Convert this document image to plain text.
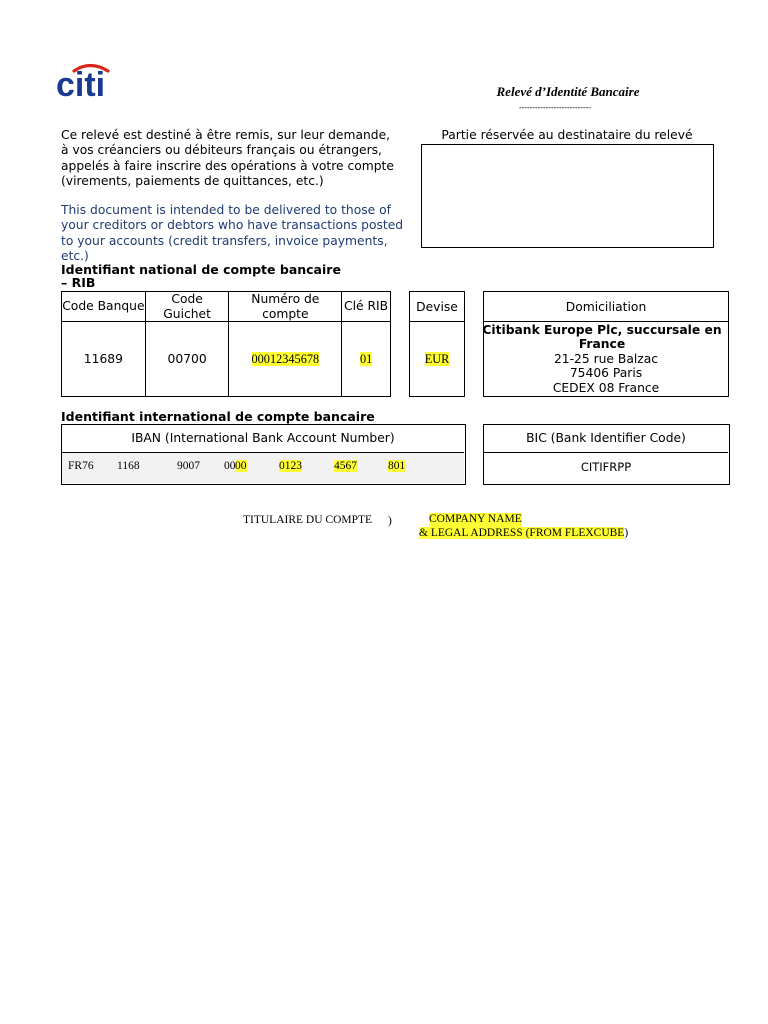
citi	Relevé d’Identité Bancaire
---------------------------
Ce relevé est destiné à être remis, sur leur demande, à vos créanciers ou débiteurs français ou étrangers, appelés à faire inscrire des opérations à votre compte (virements, paiements de quittances, etc.)
This document is intended to be delivered to those of your creditors or debtors who have transactions posted to your accounts (credit transfers, invoice payments, etc.)
Partie réservée au destinataire du relevé
Identifiant national de compte bancaire
– RIB
Code Banque	Code Guichet	Numéro de compte	Clé RIB
11689	00700	00012345678	01
Devise
EUR
Domiciliation

Citibank Europe Plc, succursale en France
21-25 rue Balzac
75406 Paris
CEDEX 08 France
Identifiant international de compte bancaire
IBAN (International Bank Account Number)
FR76 1168	9007 00 00	0123	4567	801
BIC (Bank Identifier Code)
CITIFRPP
TITULAIRE DU COMPTE )	COMPANY NAME
& LEGAL ADDRESS (FROM FLEXCUBE)
